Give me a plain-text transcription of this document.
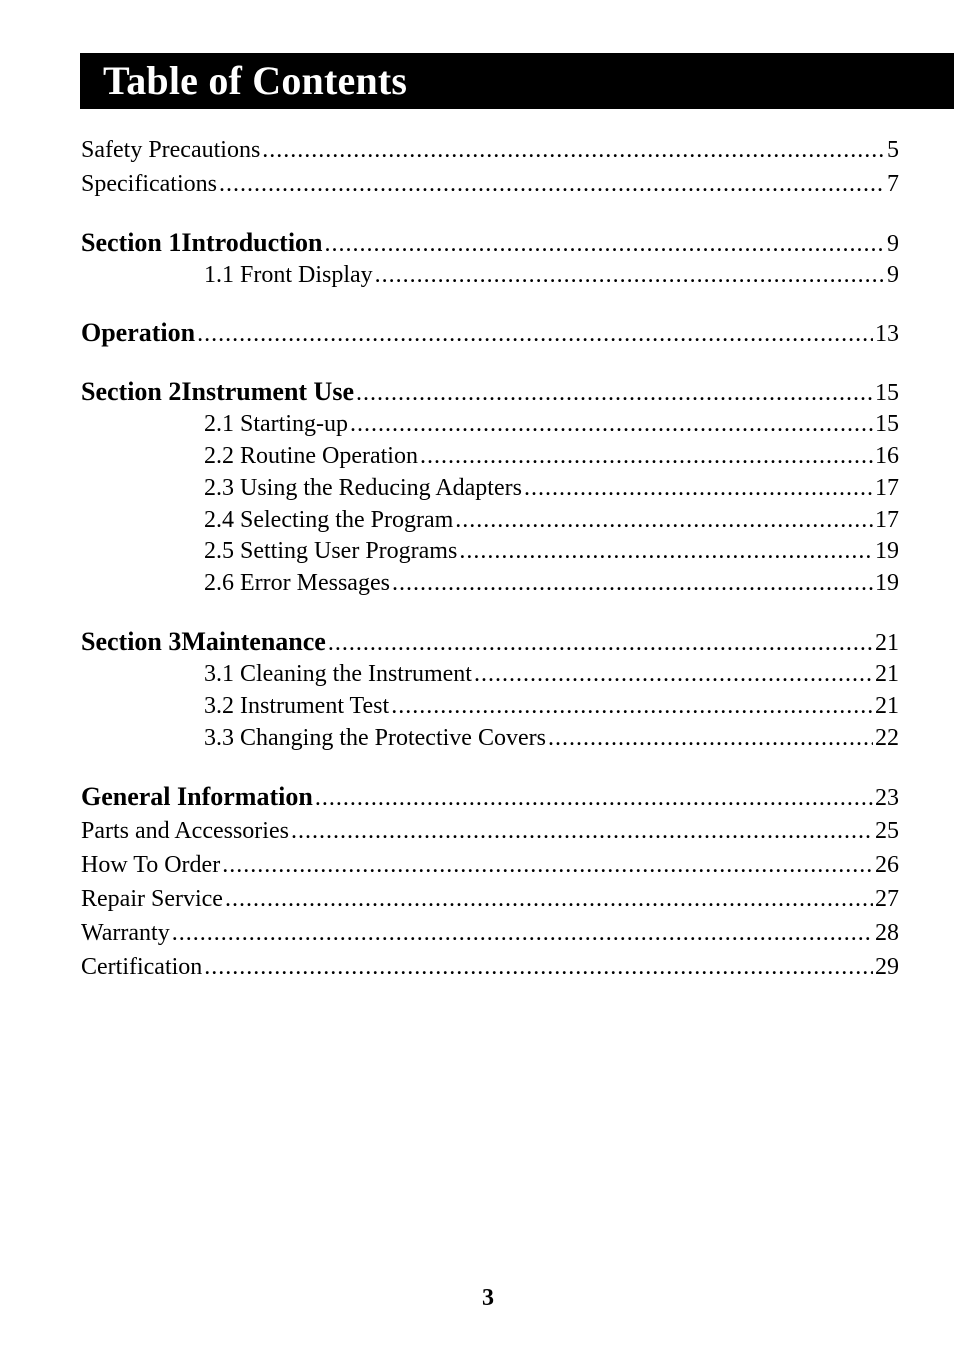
Table of Contents
Safety Precautions .....	5
Specifications .....	7
Section 1 Introduction .....	9
1.1 Front Display .....	9
Operation .....	13
Section 2 Instrument Use .....	15
2.1 Starting-up .....	15
2.2 Routine Operation .....	16
2.3 Using the Reducing Adapters .....	17
2.4 Selecting the Program .....	17
2.5 Setting User Programs .....	19
2.6 Error Messages .....	19
Section 3 Maintenance .....	21
3.1 Cleaning the Instrument .....	21
3.2 Instrument Test .....	21
3.3 Changing the Protective Covers .....	22
General Information .....	23
Parts and Accessories .....	25
How To Order .....	26
Repair Service .....	27
Warranty .....	28
Certification .....	29
3
